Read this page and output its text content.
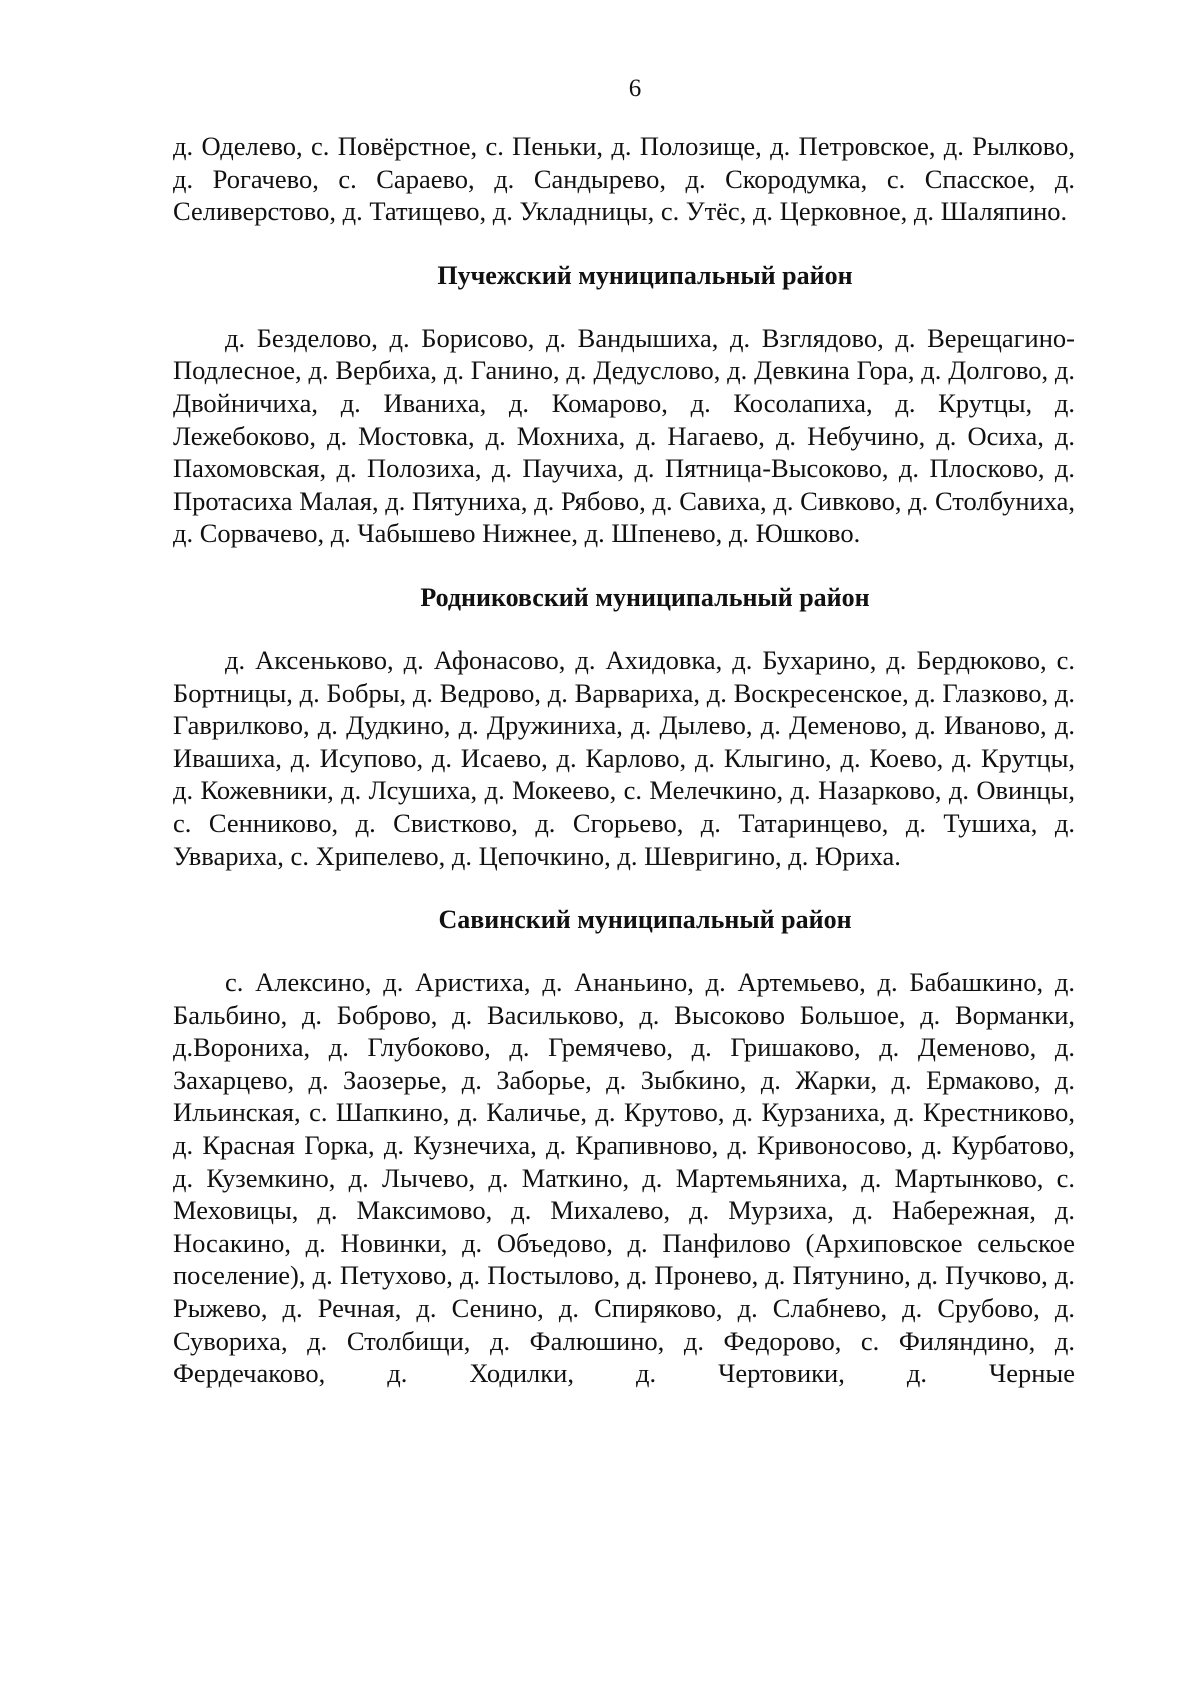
6

д. Оделево, с. Повёрстное, с. Пеньки, д. Полозище, д. Петровское, д. Рылково, д. Рогачево, с. Сараево, д. Сандырево, д. Скородумка, с. Спасское, д. Селиверстово, д. Татищево, д. Укладницы, с. Утёс, д. Церковное, д. Шаляпино.

Пучежский муниципальный район

д. Безделово, д. Борисово, д. Вандышиха, д. Взглядово, д. Верещагино-Подлесное, д. Вербиха, д. Ганино, д. Дедуслово, д. Девкина Гора, д. Долгово, д. Двойничиха, д. Иваниха, д. Комарово, д. Косолапиха, д. Крутцы, д. Лежебоково, д. Мостовка, д. Мохниха, д. Нагаево, д. Небучино, д. Осиха, д. Пахомовская, д. Полозиха, д. Паучиха, д. Пятница-Высоково, д. Плосково, д. Протасиха Малая, д. Пятуниха, д. Рябово, д. Савиха, д. Сивково, д. Столбуниха, д. Сорвачево, д. Чабышево Нижнее, д. Шпенево, д. Юшково.

Родниковский муниципальный район

д. Аксеньково, д. Афонасово, д. Ахидовка, д. Бухарино, д. Бердюково, с. Бортницы, д. Бобры, д. Ведрово, д. Варвариха, д. Воскресенское, д. Глазково, д. Гаврилково, д. Дудкино, д. Дружиниха, д. Дылево, д. Деменово, д. Иваново, д. Ивашиха, д. Исупово, д. Исаево, д. Карлово, д. Клыгино, д. Коево, д. Крутцы, д. Кожевники, д. Лсушиха, д. Мокеево, с. Мелечкино, д. Назарково, д. Овинцы, с. Сенниково, д. Свистково, д. Сгорьево, д. Татаринцево, д. Тушиха, д. Уввариха, с. Хрипелево, д. Цепочкино, д. Шевригино, д. Юриха.

Савинский муниципальный район

с. Алексино, д. Аристиха, д. Ананьино, д. Артемьево, д. Бабашкино, д. Бальбино, д. Боброво, д. Васильково, д. Высоково Большое, д. Ворманки, д.Ворониха, д. Глубоково, д. Гремячево, д. Гришаково, д. Деменово, д. Захарцево, д. Заозерье, д. Заборье, д. Зыбкино, д. Жарки, д. Ермаково, д. Ильинская, с. Шапкино, д. Каличье, д. Крутово, д. Курзаниха, д. Крестниково, д. Красная Горка, д. Кузнечиха, д. Крапивново, д. Кривоносово, д. Курбатово, д. Куземкино, д. Лычево, д. Маткино, д. Мартемьяниха, д. Мартынково, с. Меховицы, д. Максимово, д. Михалево, д. Мурзиха, д. Набережная, д. Носакино, д. Новинки, д. Объедово, д. Панфилово (Архиповское сельское поселение), д. Петухово, д. Постылово, д. Пронево, д. Пятунино, д. Пучково, д. Рыжево, д. Речная, д. Сенино, д. Спиряково, д. Слабнево, д. Срубово, д. Сувориха, д. Столбищи, д. Фалюшино, д. Федорово, с. Филяндино, д. Фердечаково, д. Ходилки, д. Чертовики, д. Черные
